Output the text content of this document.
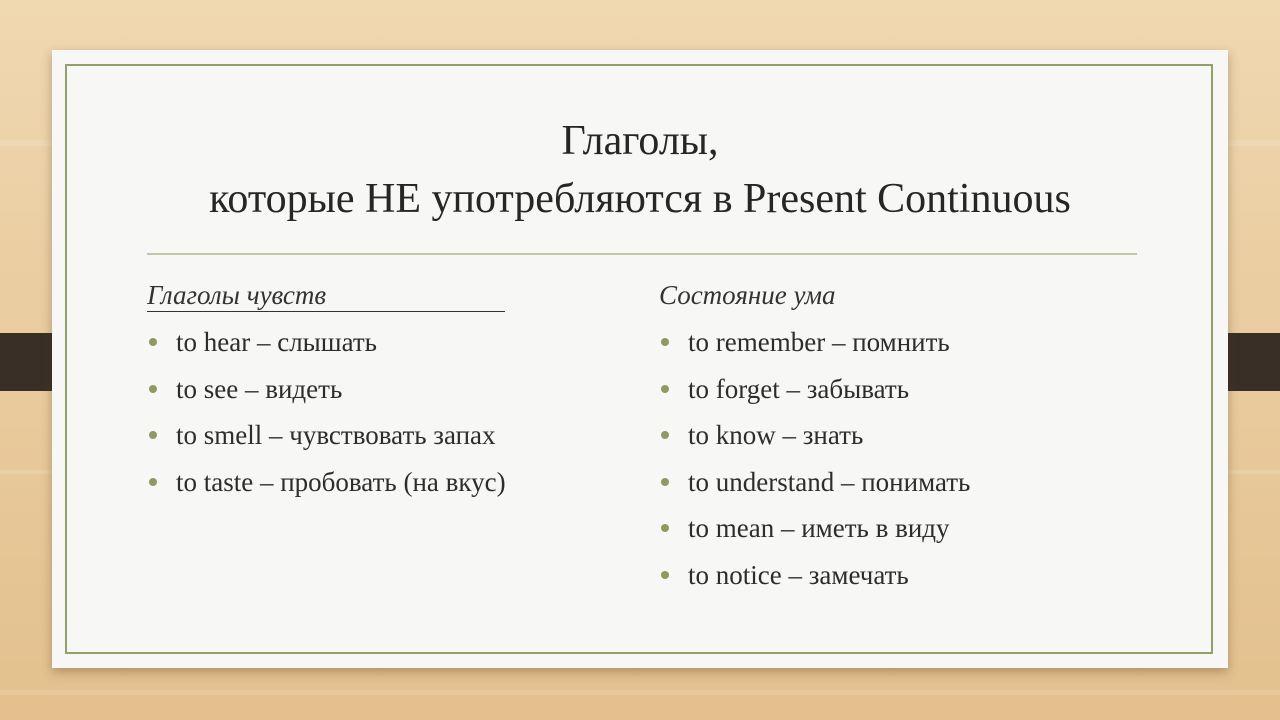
Глаголы,
которые НЕ употребляются в Present Continuous
Глаголы чувств
to hear – слышать
to see – видеть
to smell – чувствовать запах
to taste – пробовать (на вкус)
Состояние ума
to remember – помнить
to forget – забывать
to know – знать
to understand – понимать
to mean – иметь в виду
to notice – замечать
